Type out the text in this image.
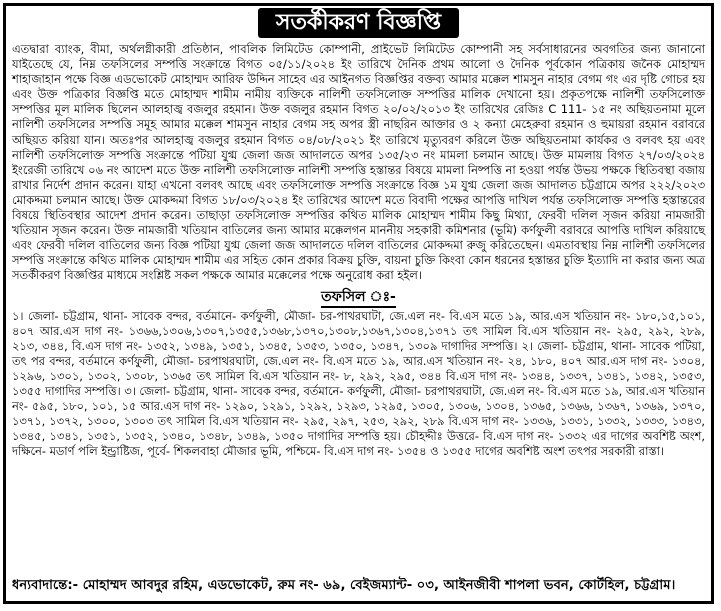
সতর্কীকরণ বিজ্ঞপ্তি
এতদ্বারা ব্যাংক, বীমা, অর্থলগ্নীকারী প্রতিষ্ঠান, পাবলিক লিমিটেড কোম্পানী, প্রাইভেট লিমিটেড কোম্পানী সহ সর্বসাধারনের অবগতির জন্য জানানো যাইতেছে যে, নিম্ন তফসিলের সম্পত্তি সংক্রান্তে বিগত ০৫/১১/২০২৪ ইং তারিখে দৈনিক প্রথম আলো ও দৈনিক পূর্বকোন পত্রিকায় জনৈক মোহাম্মদ শাহাজাহান পক্ষে বিজ্ঞ এডভোকেট মোহাম্মদ আরিফ উদ্দিন সাহেব এর আইনগত বিজ্ঞপ্তির বক্তব্য আমার মক্কেল শামসুন নাহার বেগম গং এর দৃষ্টি গোচর হয় এবং উক্ত পত্রিকার বিজ্ঞপ্তি মতে মোহাম্মদ শামীম নামীয় ব্যক্তিকে নালিশী তফসিলোক্ত সম্পত্তির মালিক দেখানো হয়। প্রকৃতপক্ষে নালিশী তফসিলোক্ত সম্পত্তির মূল মালিক ছিলেন আলহাজ্ব বজলুর রহমান। উক্ত বজলুর রহমান বিগত ২০/০২/২০১৩ ইং তারিখের রেজিঃ C 111- ১৫ নং অছিয়তনামা মূলে নালিশী তফসিলের সম্পত্তি সমূহ আমার মক্কেল শামসুন নাহার বেগম সহ অপর স্ত্রী নাছরিন আক্তার ও ২ কন্যা মেহেরুবা রহমান ও হুমায়রা রহমান বরাবরে অছিয়ত করিয়া যান। অতঃপর আলহাজ্ব বজলুর রহমান বিগত ০৪/০৮/২০২১ ইং তারিখে মৃত্যুবরণ করিলে উক্ত অছিয়তনামা কার্যকর ও বলবৎ হয় এবং নালিশী তফসিলোক্ত সম্পত্তি সংক্রান্তে পটিয়া যুগ্ম জেলা জজ আদালতে অপর ১৩৫/২৩ নং মামলা চলমান আছে। উক্ত মামলায় বিগত ২৭/০৩/২০২৪ ইংরেজী তারিখে ০৬ নং আদেশ মতে উক্ত নালিশী তফসিলোক্ত নালিশী সম্পত্তি হস্তান্তর বিষয়ে মামলা নিষ্পত্তি না হওয়া পর্যন্ত উভয় পক্ষকে স্থিতিবস্থা বজায় রাখার নির্দেশ প্রদান করেন। যাহা এখনো বলবৎ আছে এবং তফসিলোক্ত সম্পত্তি সংক্রান্তে বিজ্ঞ ১ম যুগ্ম জেলা জজ আদালত চট্টগ্রামে অপর ২২২/২০২৩ মোকদ্দমা চলমান আছে। উক্ত মোকদ্দমা বিগত ১৮/০৩/২০২৪ ইং তারিখের আদেশ মতে বিবাদী পক্ষের আপত্তি দাখিল পর্যন্ত তফসিলোক্ত সম্পত্তি হস্তান্তরের বিষয়ে স্থিতিবস্থার আদেশ প্রদান করেন। তাছাড়া তফসিলোক্ত সম্পত্তির কথিত মালিক মোহাম্মদ শামীম কিছু মিথ্যা, ফেরবী দলিল সৃজন করিয়া নামজারী খতিয়ান সৃজন করেন। উক্ত নামজারী খতিয়ান বাতিলের জন্য আমার মক্কেলগন মাননীয় সহকারী কমিশনার (ভূমি) কর্ণফুলী বরাবরে আপত্তি দাখিল করিয়াছে এবং ফেরবী দলিল বাতিলের জন্য বিজ্ঞ পটিয়া যুগ্ম জেলা জজ আদালতে দলিল বাতিলের মোকদ্দমা রুজু করিতেছেন। এমতাবস্থায় নিম্ন নালিশী তফসিলের সম্পত্তি সংক্রান্তে কথিত মালিক মোহাম্মদ শামীম এর সহিত কোন প্রকার বিক্রয় চুক্তি, বায়না চুক্তি কিংবা কোন ধরনের হস্তান্তর চুক্তি ইত্যাদি না করার জন্য অত্র সতর্কীকরণ বিজ্ঞপ্তির মাধ্যমে সংশ্লিষ্ট সকল পক্ষকে আমার মক্কেলের পক্ষে অনুরোধ করা হইল।
তফসিল ঃ-
১। জেলা- চট্টগ্রাম, থানা- সাবেক বন্দর, বর্তমানে- কর্ণফুলী, মৌজা- চর-পাথরঘাটা, জে.এল নং- বি.এস মতে ১৯, আর.এস খতিয়ান নং- ১৮০,১৫,১০১, ৪০৭ আর.এস দাগ নং- ১৩৬৬,১৩০৬,১৩০৭,১৩৫৫,১৩৬৮,১৩৭০,১৩০৮,১৩৬৭,১৩০৪,১৩৭১ তৎ সামিল বি.এস খতিয়ান নং- ২৯৫, ২৯২, ২৮৯, ২১৩, ৩৪৪, বি.এস দাগ নং- ১৩৫২, ১৩৪৯, ১৩৫১, ১৩৪৫, ১৩৫৩, ১৩৫০, ১৩৪৭, ১৩০৯ দাগাদির সম্পত্তি। ২। জেলা- চট্টগ্রাম, থানা- সাবেক পটিয়া, তৎ পর বন্দর, বর্তমানে কর্ণফুলী, মৌজা- চরপাথরঘাটা, জে.এল নং- বি.এস মতে ১৯, আর.এস খতিয়ান নং- ২৪, ১৮০, ৪০৭ আর.এস দাগ নং- ১৩০৪, ১২৯৬, ১৩০১, ১৩০২, ১৩০৮, ১৩৬৫ তৎ সামিল বি.এস খতিয়ান নং- ৮, ২৯২, ২৯৫, ৩৪৪ বি.এস দাগ নং- ১৩৪৪, ১৩৩৭, ১৩৪১, ১৩৪২, ১৩৫৩, ১৩৫৫ দাগাদির সম্পত্তি। ৩। জেলা- চট্টগ্রাম, থানা- সাবেক বন্দর, বর্তমানে- কর্ণফুলী, মৌজা- চরপাথরঘাটা, জে.এল নং- বি.এস মতে ১৯, আর.এস খতিয়ান নং- ৫৯৫, ১৮০, ১০১, ১৫ আর.এস দাগ নং- ১২৯০, ১২৯১, ১২৯২, ১২৯৩, ১২৯৫, ১৩০৫, ১৩০৬, ১৩০৪, ১৩৬৫, ১৩৬৬, ১৩৬৭, ১৩৬৯, ১৩৭০, ১৩৭১, ১৩৭২, ১৩০০, ১৩০৩ তৎ সামিল বি.এস খতিয়ান নং- ২৯৫, ২৯৭, ২৫৩, ২৯২, ২৮৯ বি.এস দাগ নং- ১৩৩৬, ১৩৩১, ১৩৩২, ১৩৩৩, ১৩৪৩, ১৩৪৫, ১৩৪১, ১৩৫১, ১৩৫২, ১৩৪০, ১৩৪৮, ১৩৪৯, ১৩৫০ দাগাদির সম্পত্তি হয়। চৌহদ্দীঃ উত্তরে- বি.এস দাগ নং- ১৩৩২ এর দাগের অবশিষ্ট অংশ, দক্ষিনে- মডার্ণ পলি ইন্ড্রাষ্টিজ, পূর্বে- শিকলবাহা মৌজার ভূমি, পশ্চিমে- বি.এস দাগ নং- ১৩৫৪ ও ১৩৫৫ দাগের অবশিষ্ট অংশ তৎপর সরকারী রাস্তা।
ধন্যবাদান্তে:- মোহাম্মদ আবদুর রহিম, এডভোকেট, রুম নং- ৬৯, বেইজম্যান্ট- ০৩, আইনজীবী শাপলা ভবন, কোর্টহিল, চট্টগ্রাম।
